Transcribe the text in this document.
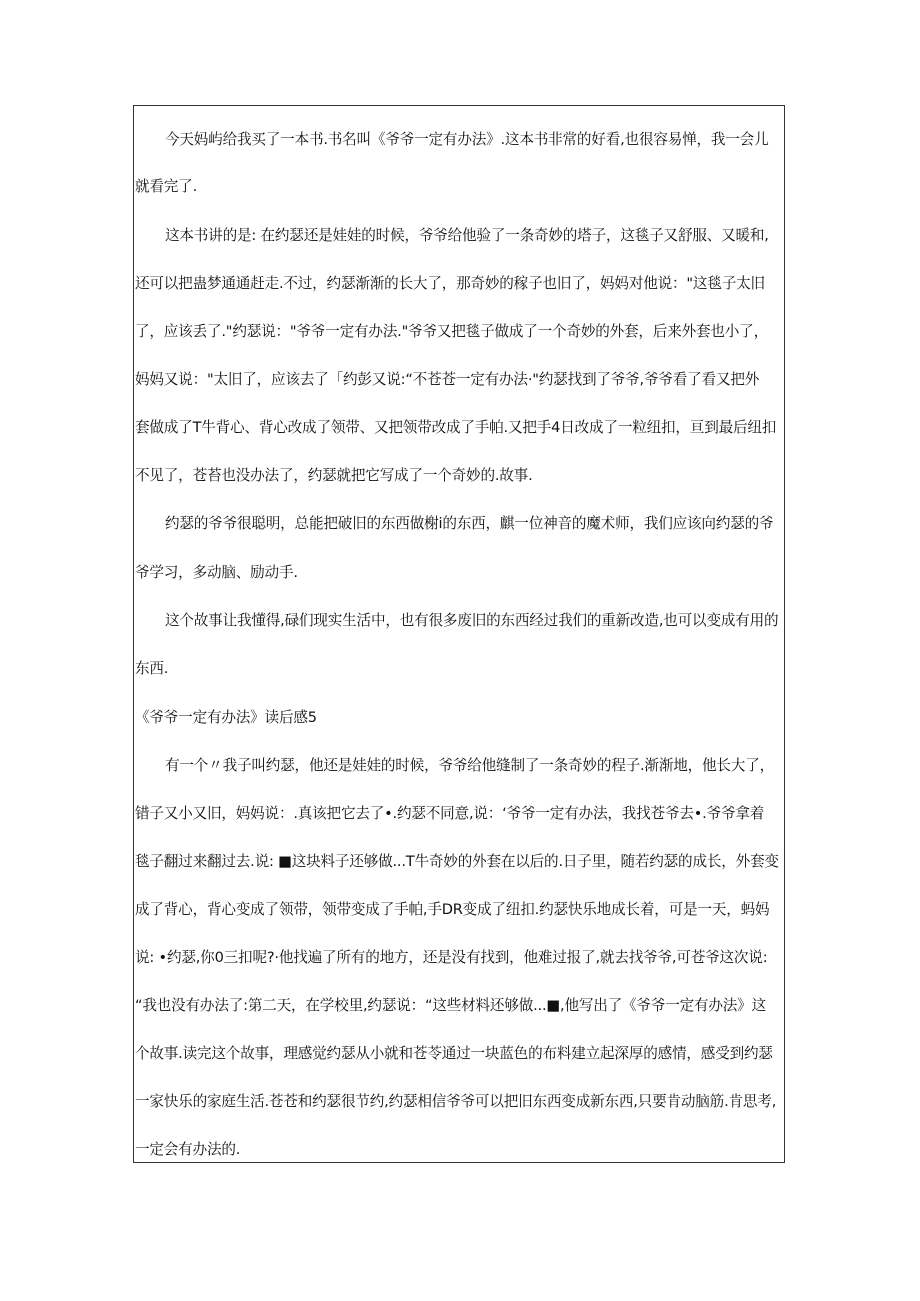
今天妈屿给我买了一本书.书名叫《爷爷一定有办法》.这本书非常的好看,也很容易惮，我一会儿
就看完了.
这本书讲的是: 在约瑟还是娃娃的时候，爷爷给他验了一条奇妙的塔子，这毯子又舒服、又暖和,
还可以把蛊梦通通赶走.不过，约瑟渐渐的长大了，那奇妙的稼子也旧了，妈妈对他说："这毯子太旧
了，应该丢了."约瑟说："爷爷一定有办法."爷爷又把毯子做成了一个奇妙的外套，后来外套也小了，
妈妈又说："太旧了，应该去了「约彭又说:“不苍苍一定有办法·"约瑟找到了爷爷,爷爷看了看又把外
套做成了T牛背心、背心改成了领带、又把领带改成了手帕.又把手4日改成了一粒纽扣，亘到最后纽扣
不见了，苍苔也没办法了，约瑟就把它写成了一个奇妙的.故事.
约瑟的爷爷很聪明，总能把破旧的东西做榭i的东西，麒一位神音的魔术师，我们应该向约瑟的爷
爷学习，多动脑、励动手.
这个故事让我懂得,碌们现实生活中，也有很多废旧的东西经过我们的重新改造,也可以变成有用的
东西.
《爷爷一定有办法》读后感5
有一个〃我子叫约瑟，他还是娃娃的时候，爷爷给他缝制了一条奇妙的程子.渐渐地，他长大了，
错子又小又旧，妈妈说：.真该把它去了•.约瑟不同意,说：‘爷爷一定有办法，我找苍爷去•.爷爷拿着
毯子翻过来翻过去.说: ■这块料子还够做...T牛奇妙的外套在以后的.日子里，随若约瑟的成长，外套变
成了背心，背心变成了领带，领带变成了手帕,手DR变成了纽扣.约瑟快乐地成长着，可是一天，蚂妈
说: •约瑟,你0三扣呢?·他找遍了所有的地方，还是没有找到，他难过报了,就去找爷爷,可苍爷这次说:
“我也没有办法了:第二天，在学校里,约瑟说：“这些材料还够做...■,他写出了《爷爷一定有办法》这
个故事.读完这个故事，理感觉约瑟从小就和苍苓通过一块蓝色的布料建立起深厚的感情，感受到约瑟
一家快乐的家庭生活.苍苍和约瑟很节约,约瑟相信爷爷可以把旧东西变成新东西,只要肯动脑筋.肯思考,
一定会有办法的.
